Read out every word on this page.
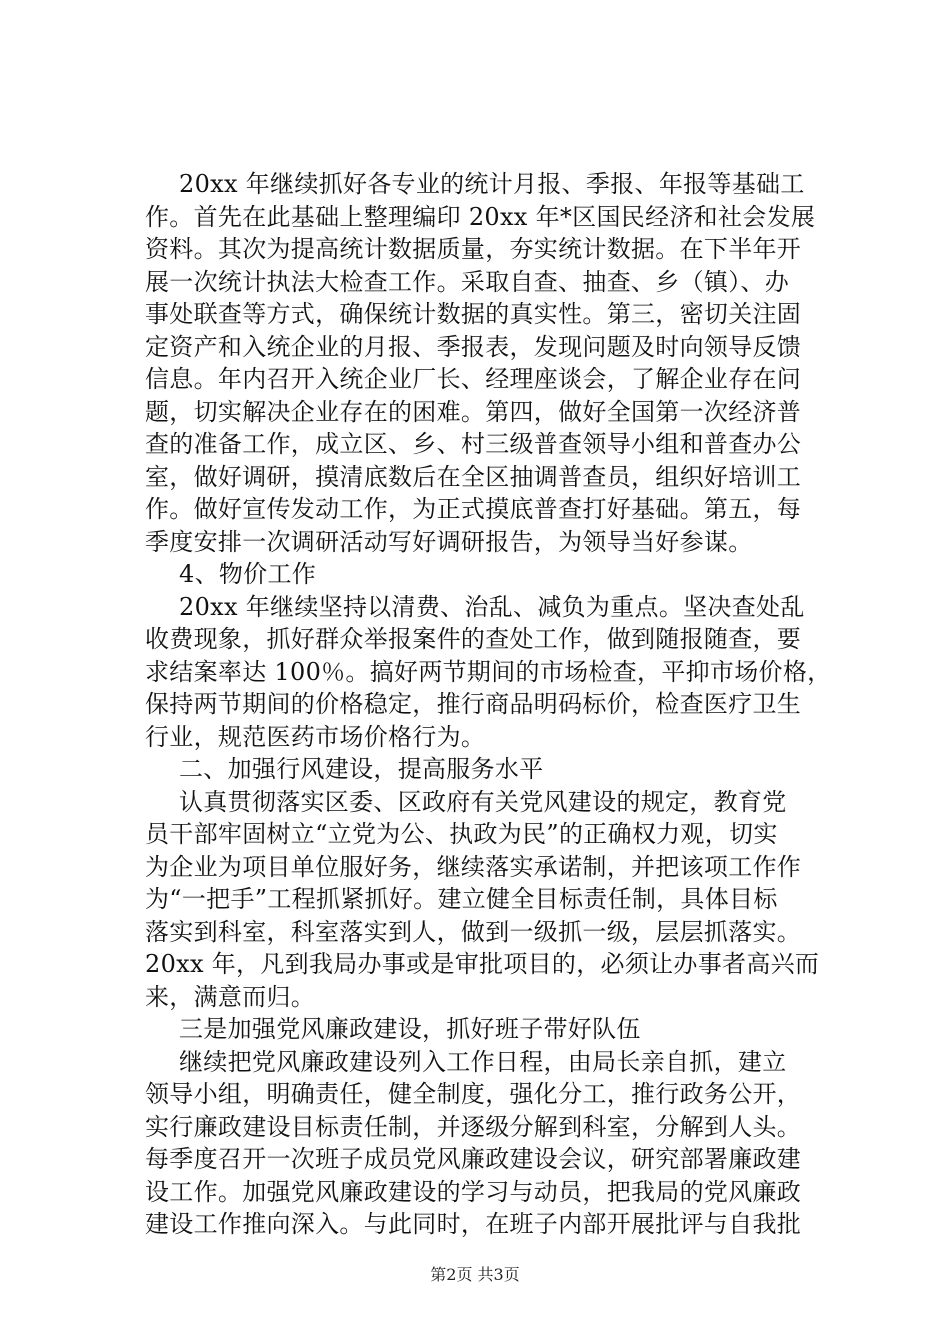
20xx 年继续抓好各专业的统计月报、季报、年报等基础工
作。首先在此基础上整理编印 20xx 年*区国民经济和社会发展
资料。其次为提高统计数据质量，夯实统计数据。在下半年开
展一次统计执法大检查工作。采取自查、抽查、乡（镇）、办
事处联查等方式，确保统计数据的真实性。第三，密切关注固
定资产和入统企业的月报、季报表，发现问题及时向领导反馈
信息。年内召开入统企业厂长、经理座谈会，了解企业存在问
题，切实解决企业存在的困难。第四，做好全国第一次经济普
查的准备工作，成立区、乡、村三级普查领导小组和普查办公
室，做好调研，摸清底数后在全区抽调普查员，组织好培训工
作。做好宣传发动工作，为正式摸底普查打好基础。第五，每
季度安排一次调研活动写好调研报告，为领导当好参谋。
4、物价工作
20xx 年继续坚持以清费、治乱、减负为重点。坚决查处乱
收费现象，抓好群众举报案件的查处工作，做到随报随查，要
求结案率达 100％。搞好两节期间的市场检查，平抑市场价格，
保持两节期间的价格稳定，推行商品明码标价，检查医疗卫生
行业，规范医药市场价格行为。
二、加强行风建设，提高服务水平
认真贯彻落实区委、区政府有关党风建设的规定，教育党
员干部牢固树立“立党为公、执政为民”的正确权力观，切实
为企业为项目单位服好务，继续落实承诺制，并把该项工作作
为“一把手”工程抓紧抓好。建立健全目标责任制，具体目标
落实到科室，科室落实到人，做到一级抓一级，层层抓落实。
20xx 年，凡到我局办事或是审批项目的，必须让办事者高兴而
来，满意而归。
三是加强党风廉政建设，抓好班子带好队伍
继续把党风廉政建设列入工作日程，由局长亲自抓，建立
领导小组，明确责任，健全制度，强化分工，推行政务公开，
实行廉政建设目标责任制，并逐级分解到科室，分解到人头。
每季度召开一次班子成员党风廉政建设会议，研究部署廉政建
设工作。加强党风廉政建设的学习与动员，把我局的党风廉政
建设工作推向深入。与此同时，在班子内部开展批评与自我批
第2页 共3页
